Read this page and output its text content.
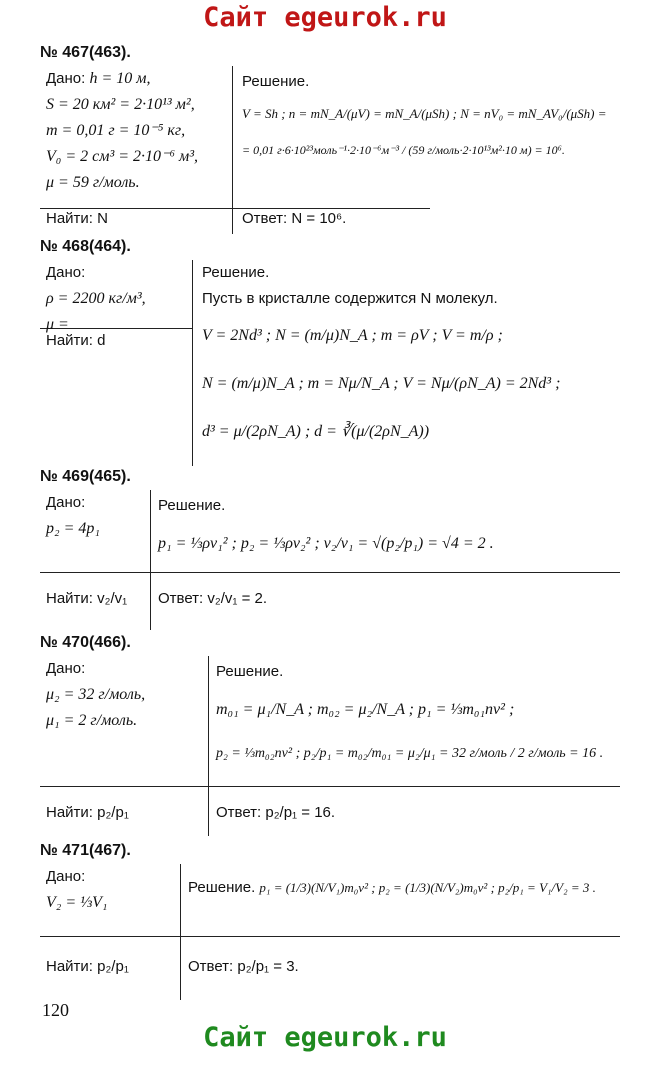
Сайт egeurok.ru
№ 467(463).
Дано: h = 10 м,
S = 20 км² = 2·10¹³ м²,
m = 0,01 г = 10⁻⁵ кг,
V₀ = 2 см³ = 2·10⁻⁶ м³,
μ = 59 г/моль.
Найти: N
Решение.
V = Sh ; n = mN_A/(μV) = mN_A/(μSh) ; N = nV₀ = mN_AV₀/(μSh) =
= 0,01 г·6·10²³моль⁻¹·2·10⁻⁶м⁻³ / (59 г/моль·2·10¹³м²·10 м) = 10⁶.
Ответ: N = 10⁶.
№ 468(464).
Дано:
ρ = 2200 кг/м³,
μ =
Найти: d
Решение.
Пусть в кристалле содержится N молекул.
V = 2Nd³ ; N = (m/μ)N_A ; m = ρV ; V = m/ρ ;
N = (m/μ)N_A ; m = Nμ/N_A ; V = Nμ/(ρN_A) = 2Nd³ ;
d³ = μ/(2ρN_A) ; d = ∛(μ/(2ρN_A))
№ 469(465).
Дано:
p₂ = 4p₁
Найти: v₂/v₁
Решение.
p₁ = ⅓ρv₁² ; p₂ = ⅓ρv₂² ; v₂/v₁ = √(p₂/p₁) = √4 = 2 .
Ответ: v₂/v₁ = 2.
№ 470(466).
Дано:
μ₂ = 32 г/моль,
μ₁ = 2 г/моль.
Найти: p₂/p₁
Решение.
m₀₁ = μ₁/N_A ; m₀₂ = μ₂/N_A ; p₁ = ⅓m₀₁nv² ;
p₂ = ⅓m₀₂nv² ; p₂/p₁ = m₀₂/m₀₁ = μ₂/μ₁ = 32 г/моль / 2 г/моль = 16 .
Ответ: p₂/p₁ = 16.
№ 471(467).
Дано:
V₂ = ⅓V₁
Найти: p₂/p₁
Решение. p₁ = (1/3)(N/V₁)m₀v² ; p₂ = (1/3)(N/V₂)m₀v² ; p₂/p₁ = V₁/V₂ = 3 .
Ответ: p₂/p₁ = 3.
120
Сайт egeurok.ru
